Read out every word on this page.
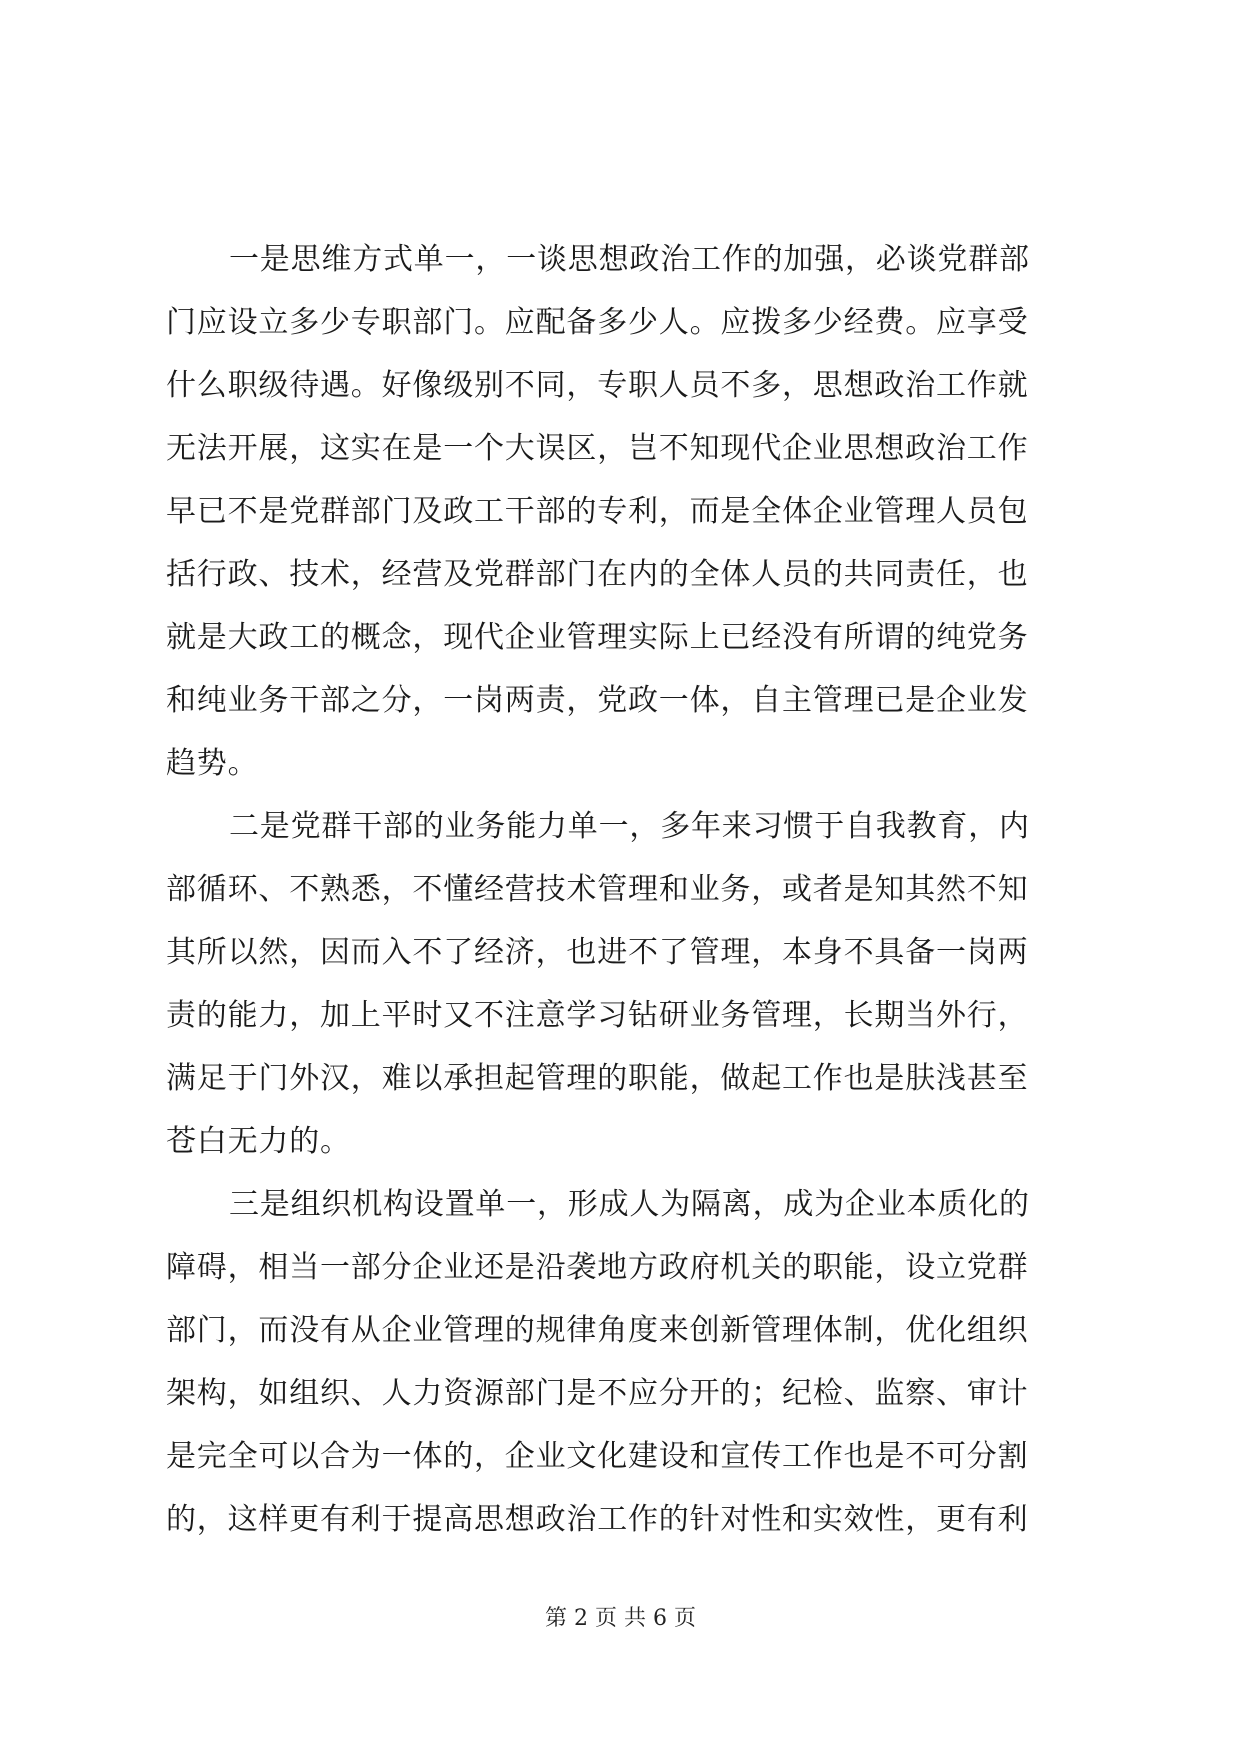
一是思维方式单一，一谈思想政治工作的加强，必谈党群部
门应设立多少专职部门。应配备多少人。应拨多少经费。应享受
什么职级待遇。好像级别不同，专职人员不多，思想政治工作就
无法开展，这实在是一个大误区，岂不知现代企业思想政治工作
早已不是党群部门及政工干部的专利，而是全体企业管理人员包
括行政、技术，经营及党群部门在内的全体人员的共同责任，也
就是大政工的概念，现代企业管理实际上已经没有所谓的纯党务
和纯业务干部之分，一岗两责，党政一体，自主管理已是企业发
趋势。
二是党群干部的业务能力单一，多年来习惯于自我教育，内
部循环、不熟悉，不懂经营技术管理和业务，或者是知其然不知
其所以然，因而入不了经济，也进不了管理，本身不具备一岗两
责的能力，加上平时又不注意学习钻研业务管理，长期当外行，
满足于门外汉，难以承担起管理的职能，做起工作也是肤浅甚至
苍白无力的。
三是组织机构设置单一，形成人为隔离，成为企业本质化的
障碍，相当一部分企业还是沿袭地方政府机关的职能，设立党群
部门，而没有从企业管理的规律角度来创新管理体制，优化组织
架构，如组织、人力资源部门是不应分开的；纪检、监察、审计
是完全可以合为一体的，企业文化建设和宣传工作也是不可分割
的，这样更有利于提高思想政治工作的针对性和实效性，更有利
第 2 页 共 6 页
